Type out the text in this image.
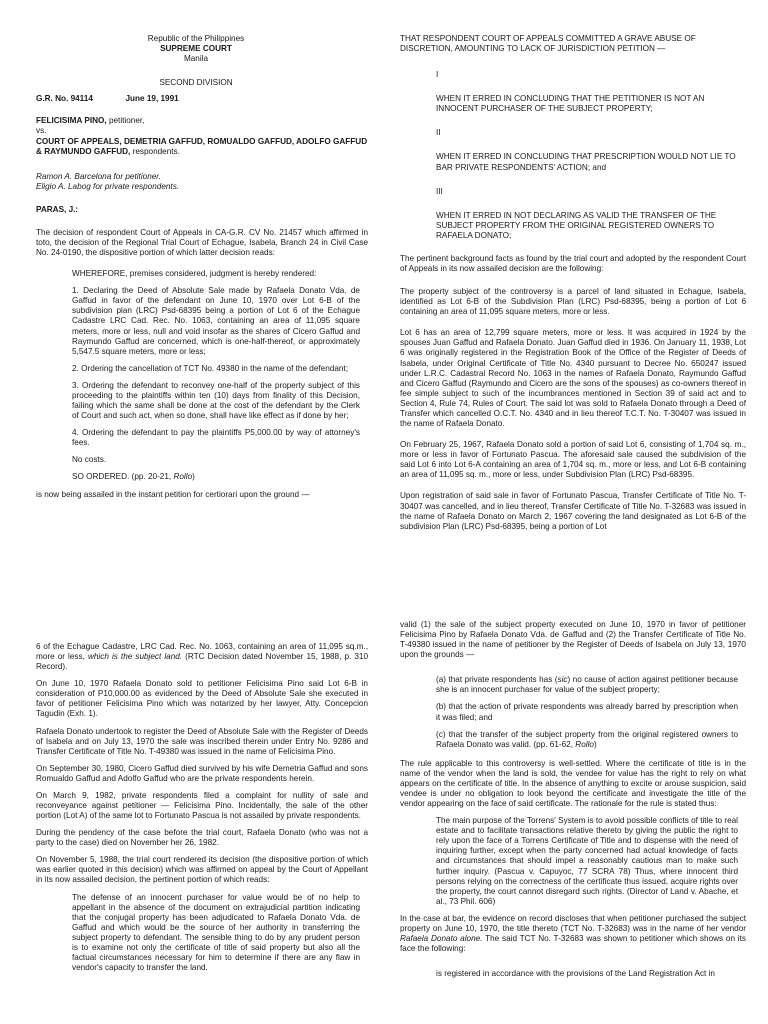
Republic of the Philippines

SUPREME COURT

Manila

SECOND DIVISION

G.R. No. 94114	June 19, 1991

FELICISIMA PINO, petitioner,

vs.

COURT OF APPEALS, DEMETRIA GAFFUD, ROMUALDO GAFFUD, ADOLFO GAFFUD & RAYMUNDO GAFFUD, respondents.

Ramon A. Barcelona for petitioner.

Eligio A. Labog for private respondents.

PARAS, J.:

The decision of respondent Court of Appeals in CA-G.R. CV No. 21457 which affirmed in toto, the decision of the Regional Trial Court of Echague, Isabela, Branch 24 in Civil Case No. 24-0190, the dispositive portion of which latter decision reads:

WHEREFORE, premises considered, judgment is hereby rendered:

1. Declaring the Deed of Absolute Sale made by Rafaela Donato Vda. de Gaffud in favor of the defendant on June 10, 1970 over Lot 6-B of the subdivision plan (LRC) Psd-68395 being a portion of Lot 6 of the Echague Cadastre LRC Cad. Rec. No. 1063, containing an area of 11,095 square meters, more or less, null and void insofar as the shares of Cicero Gaffud and Raymundo Gaffud are concerned, which is one-half-thereof, or approximately 5,547.5 square meters, more or less;

2. Ordering the cancellation of TCT No. 49380 in the name of the defendant;

3. Ordering the defendant to reconvey one-half of the property subject of this proceeding to the plaintiffs within ten (10) days from finality of this Decision, failing which the same shall be done at the cost of the defendant by the Clerk of Court and such act, when so done, shall have like effect as if done by her;

4. Ordering the defendant to pay the plaintiffs P5,000.00 by way of attorney's fees.

No costs.

SO ORDERED. (pp. 20-21, Rollo)

is now being assailed in the instant petition for certiorari upon the ground —

THAT RESPONDENT COURT OF APPEALS COMMITTED A GRAVE ABUSE OF DISCRETION, AMOUNTING TO LACK OF JURISDICTION PETITION —

I

WHEN IT ERRED IN CONCLUDING THAT THE PETITIONER IS NOT AN INNOCENT PURCHASER OF THE SUBJECT PROPERTY;

II

WHEN IT ERRED IN CONCLUDING THAT PRESCRIPTION WOULD NOT LIE TO BAR PRIVATE RESPONDENTS' ACTION; and

III

WHEN IT ERRED IN NOT DECLARING AS VALID THE TRANSFER OF THE SUBJECT PROPERTY FROM THE ORIGINAL REGISTERED OWNERS TO RAFAELA DONATO;

The pertinent background facts as found by the trial court and adopted by the respondent Court of Appeals in its now assailed decision are the following:

The property subject of the controversy is a parcel of land situated in Echague, Isabela, identified as Lot 6-B of the Subdivision Plan (LRC) Psd-68395, being a portion of Lot 6 containing an area of 11,095 square meters, more or less.

Lot 6 has an area of 12,799 square meters, more or less. It was acquired in 1924 by the spouses Juan Gaffud and Rafaela Donato. Juan Gaffud died in 1936. On January 11, 1938, Lot 6 was originally registered in the Registration Book of the Office of the Register of Deeds of Isabela, under Original Certificate of Title No. 4340 pursuant to Decree No. 650247 issued under L.R.C. Cadastral Record No. 1063 in the names of Rafaela Donato, Raymundo Gaffud and Cicero Gaffud (Raymundo and Cicero are the sons of the spouses) as co-owners thereof in fee simple subject to such of the incumbrances mentioned in Section 39 of said act and to Section 4, Rule 74, Rules of Court. The said lot was sold to Rafaela Donato through a Deed of Transfer which cancelled O.C.T. No. 4340 and in lieu thereof T.C.T. No. T-30407 was issued in the name of Rafaela Donato.

On February 25, 1967, Rafaela Donato sold a portion of said Lot 6, consisting of 1,704 sq. m., more or less in favor of Fortunato Pascua. The aforesaid sale caused the subdivision of the said Lot 6 into Lot 6-A containing an area of 1,704 sq. m., more or less, and Lot 6-B containing an area of 11,095 sq. m., more or less, under Subdivision Plan (LRC) Psd-68395.

Upon registration of said sale in favor of Fortunato Pascua, Transfer Certificate of Title No. T-30407 was cancelled, and in lieu thereof, Transfer Certificate of Title No. T-32683 was issued in the name of Rafaela Donato on March 2, 1967 covering the land designated as Lot 6-B of the subdivision Plan (LRC) Psd-68395, being a portion of Lot

6 of the Echague Cadastre, LRC Cad. Rec. No. 1063, containing an area of 11,095 sq.m., more or less, which is the subject land. (RTC Decision dated November 15, 1988, p. 310 Record).

On June 10, 1970 Rafaela Donato sold to petitioner Felicisima Pino said Lot 6-B in consideration of P10,000.00 as evidenced by the Deed of Absolute Sale she executed in favor of petitioner Felicisima Pino which was notarized by her lawyer, Atty. Concepcion Tagudin (Exh. 1).

Rafaela Donato undertook to register the Deed of Absolute Sale with the Register of Deeds of Isabela and on July 13, 1970 the sale was inscribed therein under Entry No. 9286 and Transfer Certificate of Title No. T-49380 was issued in the name of Felicisima Pino.

On September 30, 1980, Cicero Gaffud died survived by his wife Demetria Gaffud and sons Romualdo Gaffud and Adolfo Gaffud who are the private respondents herein.

On March 9, 1982, private respondents filed a complaint for nullity of sale and reconveyance against petitioner — Felicisima Pino. Incidentally, the sale of the other portion (Lot A) of the same lot to Fortunato Pascua is not assailed by private respondents.

During the pendency of the case before the trial court, Rafaela Donato (who was not a party to the case) died on November her 26, 1982.

On November 5, 1988, the trial court rendered its decision (the dispositive portion of which was earlier quoted in this decision) which was affirmed on appeal by the Court of Appellant in its now assailed decision, the pertinent portion of which reads:

The defense of an innocent purchaser for value would be of no help to appellant in the absence of the document on extrajudicial partition indicating that the conjugal property has been adjudicated to Rafaela Donato Vda. de Gaffud and which would be the source of her authority in transferring the subject property to defendant. The sensible thing to do by any prudent person is to examine not only the certificate of title of said property but also all the factual circumstances necessary for him to determine if there are any flaw in vendor's capacity to transfer the land.

valid (1) the sale of the subject property executed on June 10, 1970 in favor of petitioner Felicisima Pino by Rafaela Donato Vda. de Gaffud and (2) the Transfer Certificate of Title No. T-49380 issued in the name of petitioner by the Register of Deeds of Isabela on July 13, 1970 upon the grounds —

(a) that private respondents has (sic) no cause of action against petitioner because she is an innocent purchaser for value of the subject property;

(b) that the action of private respondents was already barred by prescription when it was filed; and

(c) that the transfer of the subject property from the original registered owners to Rafaela Donato was valid. (pp. 61-62, Rollo)

The rule applicable to this controversy is well-settled. Where the certificate of title is in the name of the vendor when the land is sold, the vendee for value has the right to rely on what appears on the certificate of title. In the absence of anything to excite or arouse suspicion, said vendee is under no obligation to look beyond the certificate and investigate the title of the vendor appearing on the face of said certificate. The rationale for the rule is stated thus:

The main purpose of the Torrens' System is to avoid possible conflicts of title to real estate and to facilitate transactions relative thereto by giving the public the right to rely upon the face of a Torrens Certificate of Title and to dispense with the need of inquiring further, except when the party concerned had actual knowledge of facts and circumstances that should impel a reasonably cautious man to make such further inquiry. (Pascua v. Capuyoc, 77 SCRA 78) Thus, where innocent third persons relying on the correctness of the certificate thus issued, acquire rights over the property, the court cannot disregard such rights. (Director of Land v. Abache, et al., 73 Phil. 606)

In the case at bar, the evidence on record discloses that when petitioner purchased the subject property on June 10, 1970, the title thereto (TCT No. T-32683) was in the name of her vendor Rafaela Donato alone. The said TCT No. T-32683 was shown to petitioner which shows on its face the following:

is registered in accordance with the provisions of the Land Registration Act in
